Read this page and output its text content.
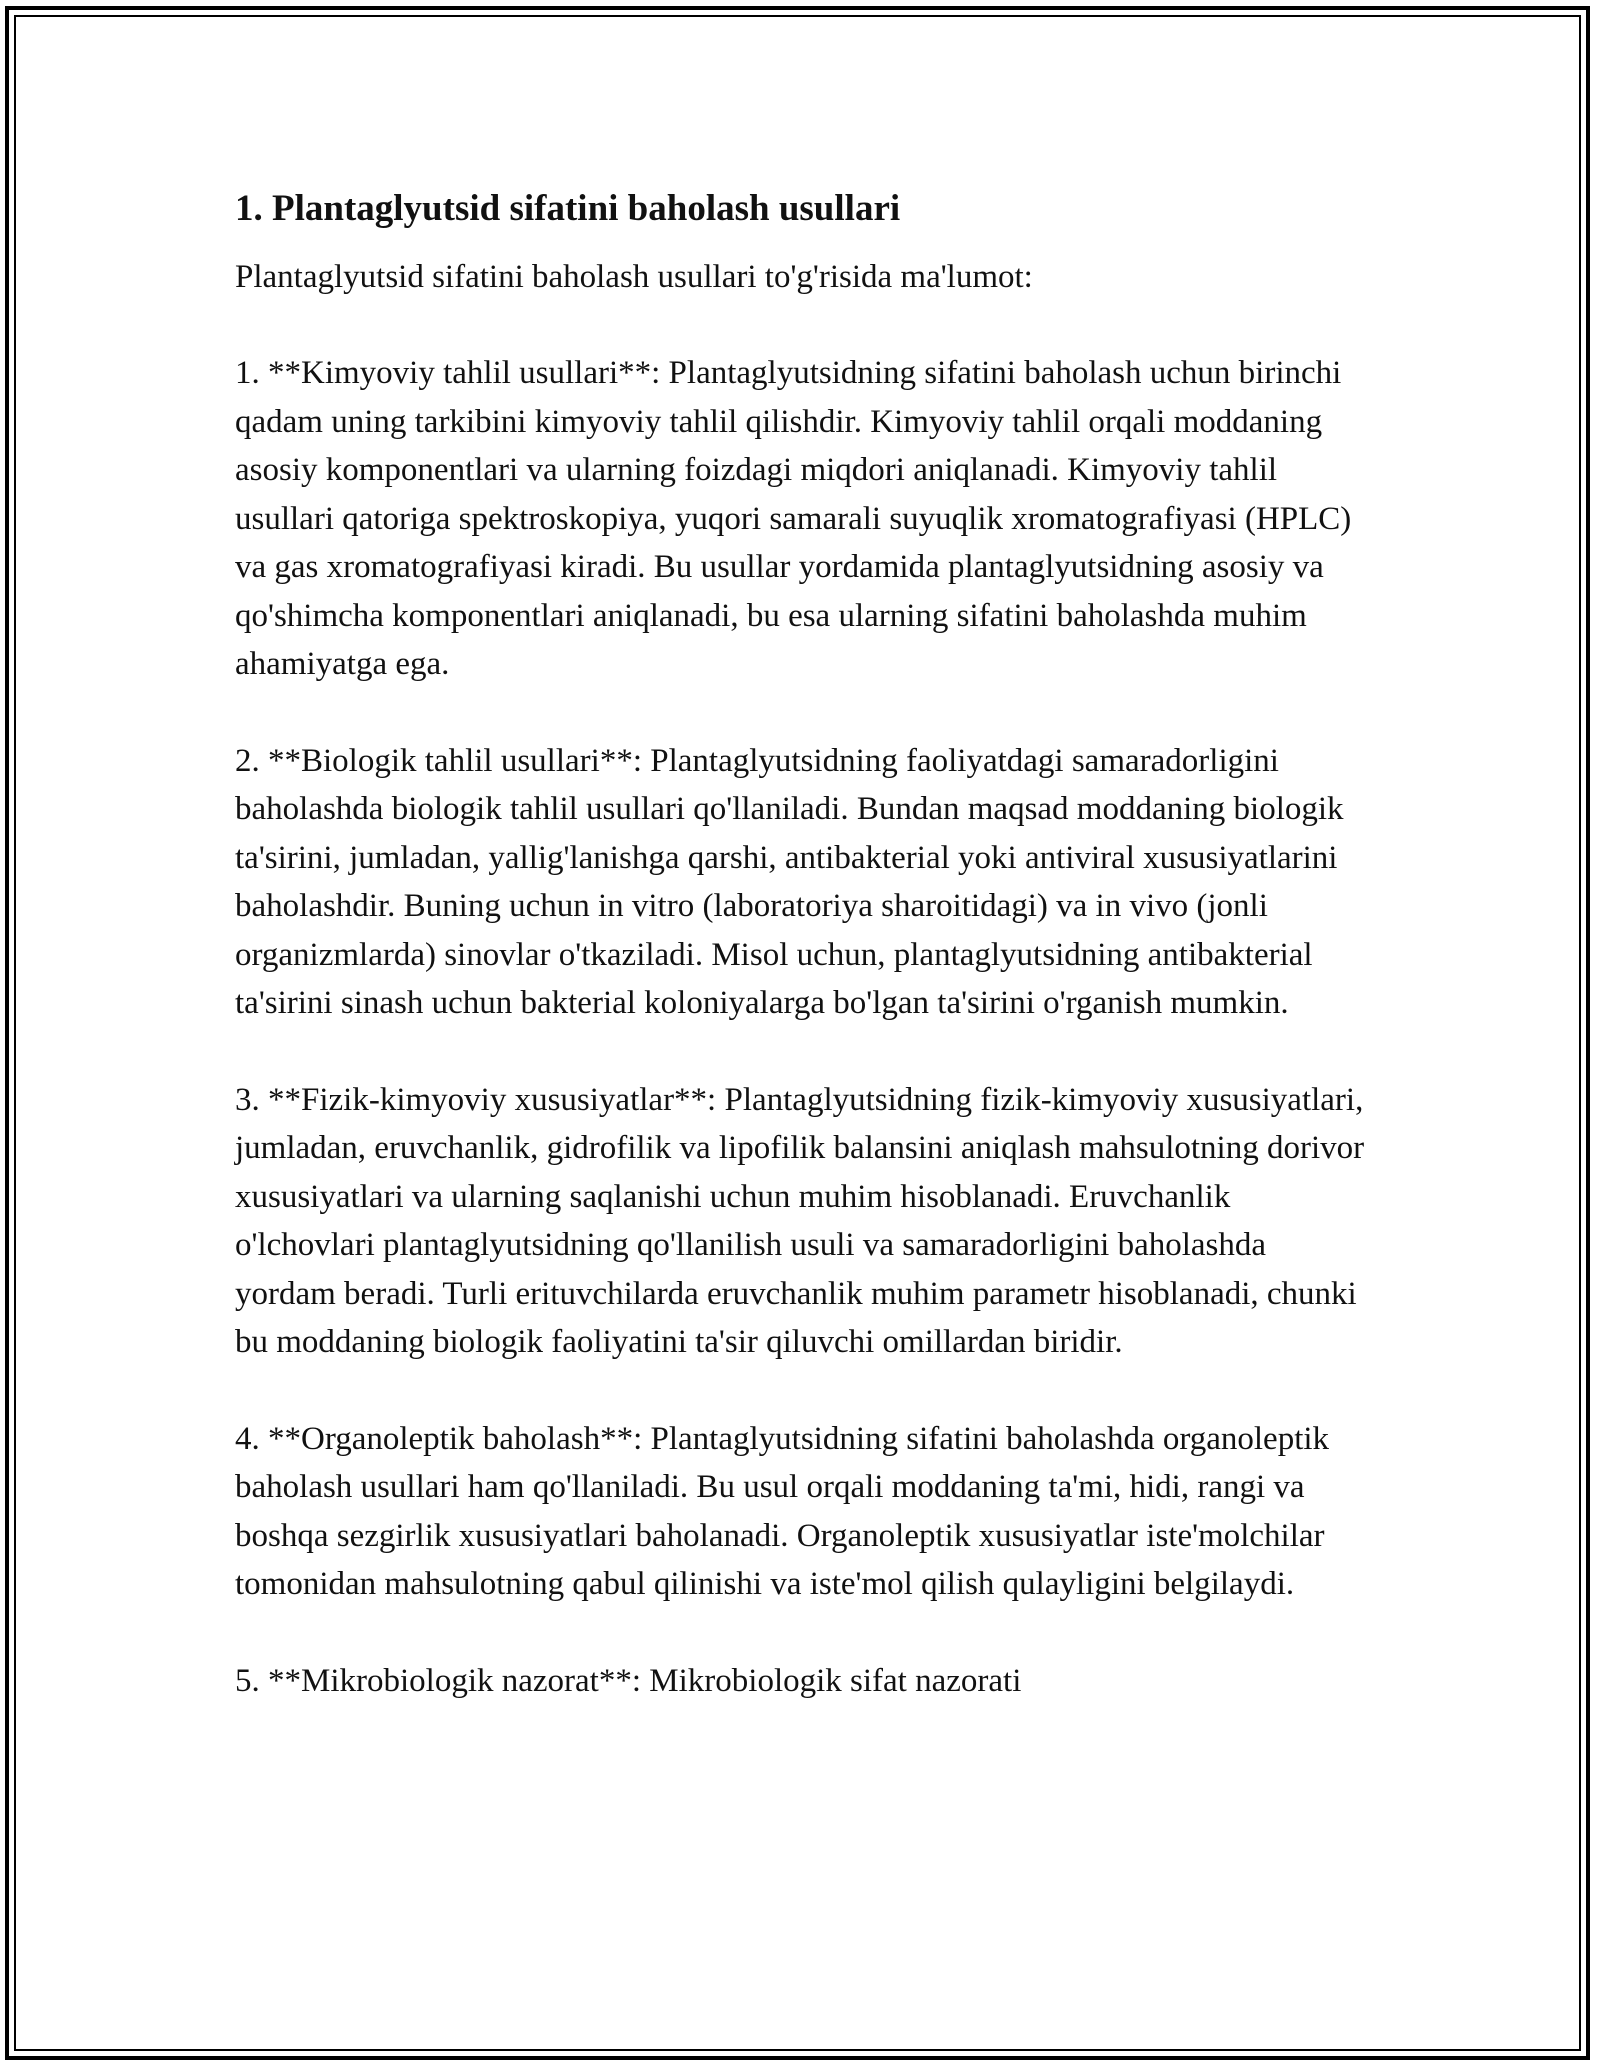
1. Plantaglyutsid sifatini baholash usullari

Plantaglyutsid sifatini baholash usullari to'g'risida ma'lumot:

1. **Kimyoviy tahlil usullari**: Plantaglyutsidning sifatini baholash uchun birinchi qadam uning tarkibini kimyoviy tahlil qilishdir. Kimyoviy tahlil orqali moddaning asosiy komponentlari va ularning foizdagi miqdori aniqlanadi. Kimyoviy tahlil usullari qatoriga spektroskopiya, yuqori samarali suyuqlik xromatografiyasi (HPLC) va gas xromatografiyasi kiradi. Bu usullar yordamida plantaglyutsidning asosiy va qo'shimcha komponentlari aniqlanadi, bu esa ularning sifatini baholashda muhim ahamiyatga ega.

2. **Biologik tahlil usullari**: Plantaglyutsidning faoliyatdagi samaradorligini baholashda biologik tahlil usullari qo'llaniladi. Bundan maqsad moddaning biologik ta'sirini, jumladan, yallig'lanishga qarshi, antibakterial yoki antiviral xususiyatlarini baholashdir. Buning uchun in vitro (laboratoriya sharoitidagi) va in vivo (jonli organizmlarda) sinovlar o'tkaziladi. Misol uchun, plantaglyutsidning antibakterial ta'sirini sinash uchun bakterial koloniyalarga bo'lgan ta'sirini o'rganish mumkin.

3. **Fizik-kimyoviy xususiyatlar**: Plantaglyutsidning fizik-kimyoviy xususiyatlari, jumladan, eruvchanlik, gidrofilik va lipofilik balansini aniqlash mahsulotning dorivor xususiyatlari va ularning saqlanishi uchun muhim hisoblanadi. Eruvchanlik o'lchovlari plantaglyutsidning qo'llanilish usuli va samaradorligini baholashda yordam beradi. Turli erituvchilarda eruvchanlik muhim parametr hisoblanadi, chunki bu moddaning biologik faoliyatini ta'sir qiluvchi omillardan biridir.

4. **Organoleptik baholash**: Plantaglyutsidning sifatini baholashda organoleptik baholash usullari ham qo'llaniladi. Bu usul orqali moddaning ta'mi, hidi, rangi va boshqa sezgirlik xususiyatlari baholanadi. Organoleptik xususiyatlar iste'molchilar tomonidan mahsulotning qabul qilinishi va iste'mol qilish qulayligini belgilaydi.

5. **Mikrobiologik nazorat**: Mikrobiologik sifat nazorati
